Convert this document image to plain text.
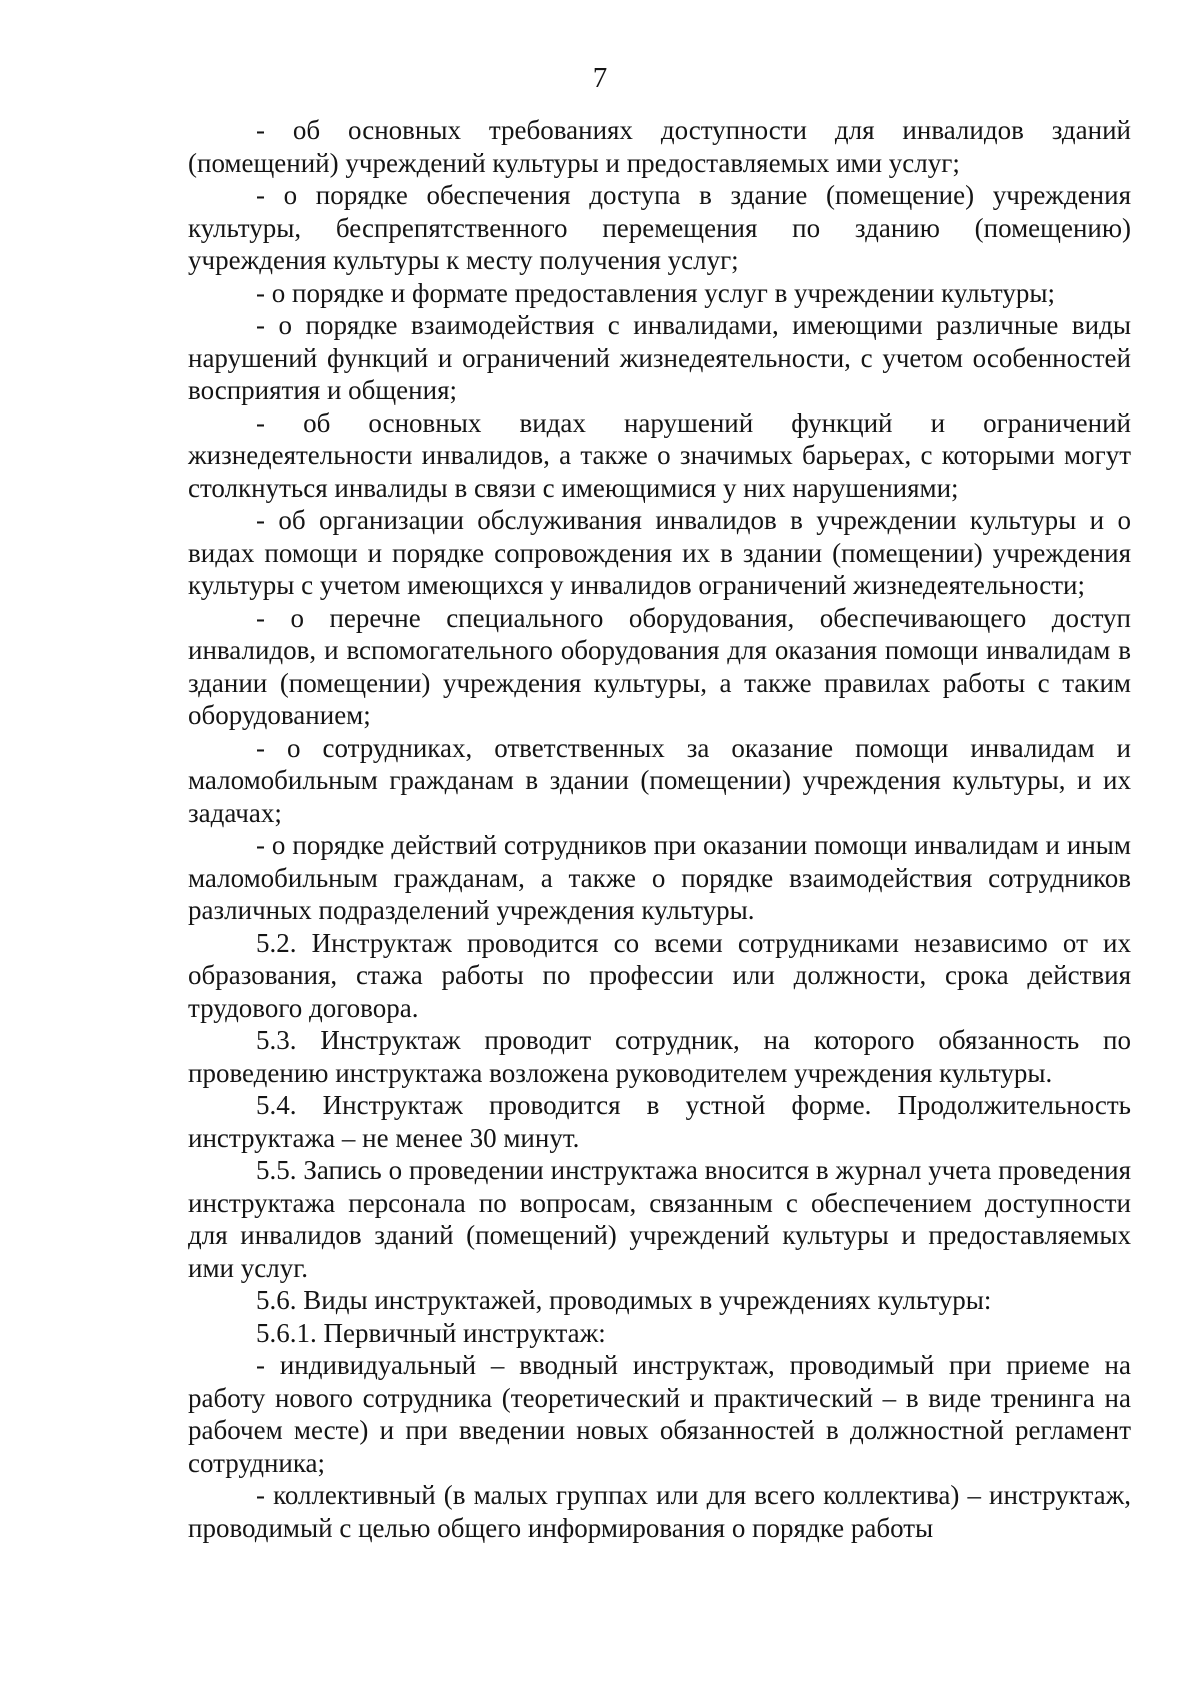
7

- об основных требованиях доступности для инвалидов зданий (помещений) учреждений культуры и предоставляемых ими услуг;

- о порядке обеспечения доступа в здание (помещение) учреждения культуры, беспрепятственного перемещения по зданию (помещению) учреждения культуры к месту получения услуг;

- о порядке и формате предоставления услуг в учреждении культуры;

- о порядке взаимодействия с инвалидами, имеющими различные виды нарушений функций и ограничений жизнедеятельности, с учетом особенностей восприятия и общения;

- об основных видах нарушений функций и ограничений жизнедеятельности инвалидов, а также о значимых барьерах, с которыми могут столкнуться инвалиды в связи с имеющимися у них нарушениями;

- об организации обслуживания инвалидов в учреждении культуры и о видах помощи и порядке сопровождения их в здании (помещении) учреждения культуры с учетом имеющихся у инвалидов ограничений жизнедеятельности;

- о перечне специального оборудования, обеспечивающего доступ инвалидов, и вспомогательного оборудования для оказания помощи инвалидам в здании (помещении) учреждения культуры, а также правилах работы с таким оборудованием;

- о сотрудниках, ответственных за оказание помощи инвалидам и маломобильным гражданам в здании (помещении) учреждения культуры, и их задачах;

- о порядке действий сотрудников при оказании помощи инвалидам и иным маломобильным гражданам, а также о порядке взаимодействия сотрудников различных подразделений учреждения культуры.

5.2. Инструктаж проводится со всеми сотрудниками независимо от их образования, стажа работы по профессии или должности, срока действия трудового договора.

5.3. Инструктаж проводит сотрудник, на которого обязанность по проведению инструктажа возложена руководителем учреждения культуры.

5.4. Инструктаж проводится в устной форме. Продолжительность инструктажа – не менее 30 минут.

5.5. Запись о проведении инструктажа вносится в журнал учета проведения инструктажа персонала по вопросам, связанным с обеспечением доступности для инвалидов зданий (помещений) учреждений культуры и предоставляемых ими услуг.

5.6. Виды инструктажей, проводимых в учреждениях культуры:

5.6.1. Первичный инструктаж:

- индивидуальный – вводный инструктаж, проводимый при приеме на работу нового сотрудника (теоретический и практический – в виде тренинга на рабочем месте) и при введении новых обязанностей в должностной регламент сотрудника;

- коллективный (в малых группах или для всего коллектива) – инструктаж, проводимый с целью общего информирования о порядке работы
